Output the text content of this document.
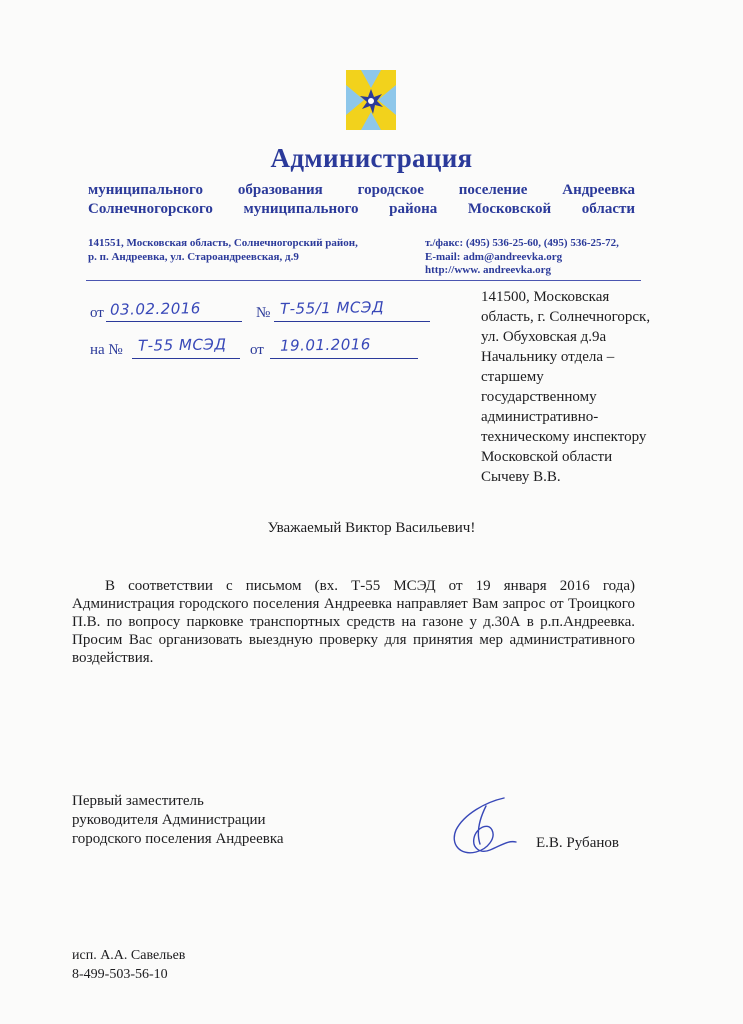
Администрация
муниципального образования городское поселение Андреевка
Солнечногорского муниципального района Московской области
141551, Московская область, Солнечногорский район,
р. п. Андреевка, ул. Староандреевская, д.9
т./факс: (495) 536-25-60, (495) 536-25-72,
E-mail: adm@andreevka.org
http://www. andreevka.org
от 03.02.2016	№ Т-55/1 МСЭД
на № Т-55 МСЭД от 19.01.2016
141500, Московская
область, г. Солнечногорск,
ул. Обуховская д.9а
Начальнику отдела –
старшему
государственному
административно-
техническому инспектору
Московской области
Сычеву В.В.
Уважаемый Виктор Васильевич!
В соответствии с письмом (вх. Т-55 МСЭД от 19 января 2016 года) Администрация городского поселения Андреевка направляет Вам запрос от Троицкого П.В. по вопросу парковке транспортных средств на газоне у д.30А в р.п.Андреевка. Просим Вас организовать выездную проверку для принятия мер административного воздействия.
Первый заместитель
руководителя Администрации
городского поселения Андреевка	Е.В. Рубанов
исп. А.А. Савельев
8-499-503-56-10
